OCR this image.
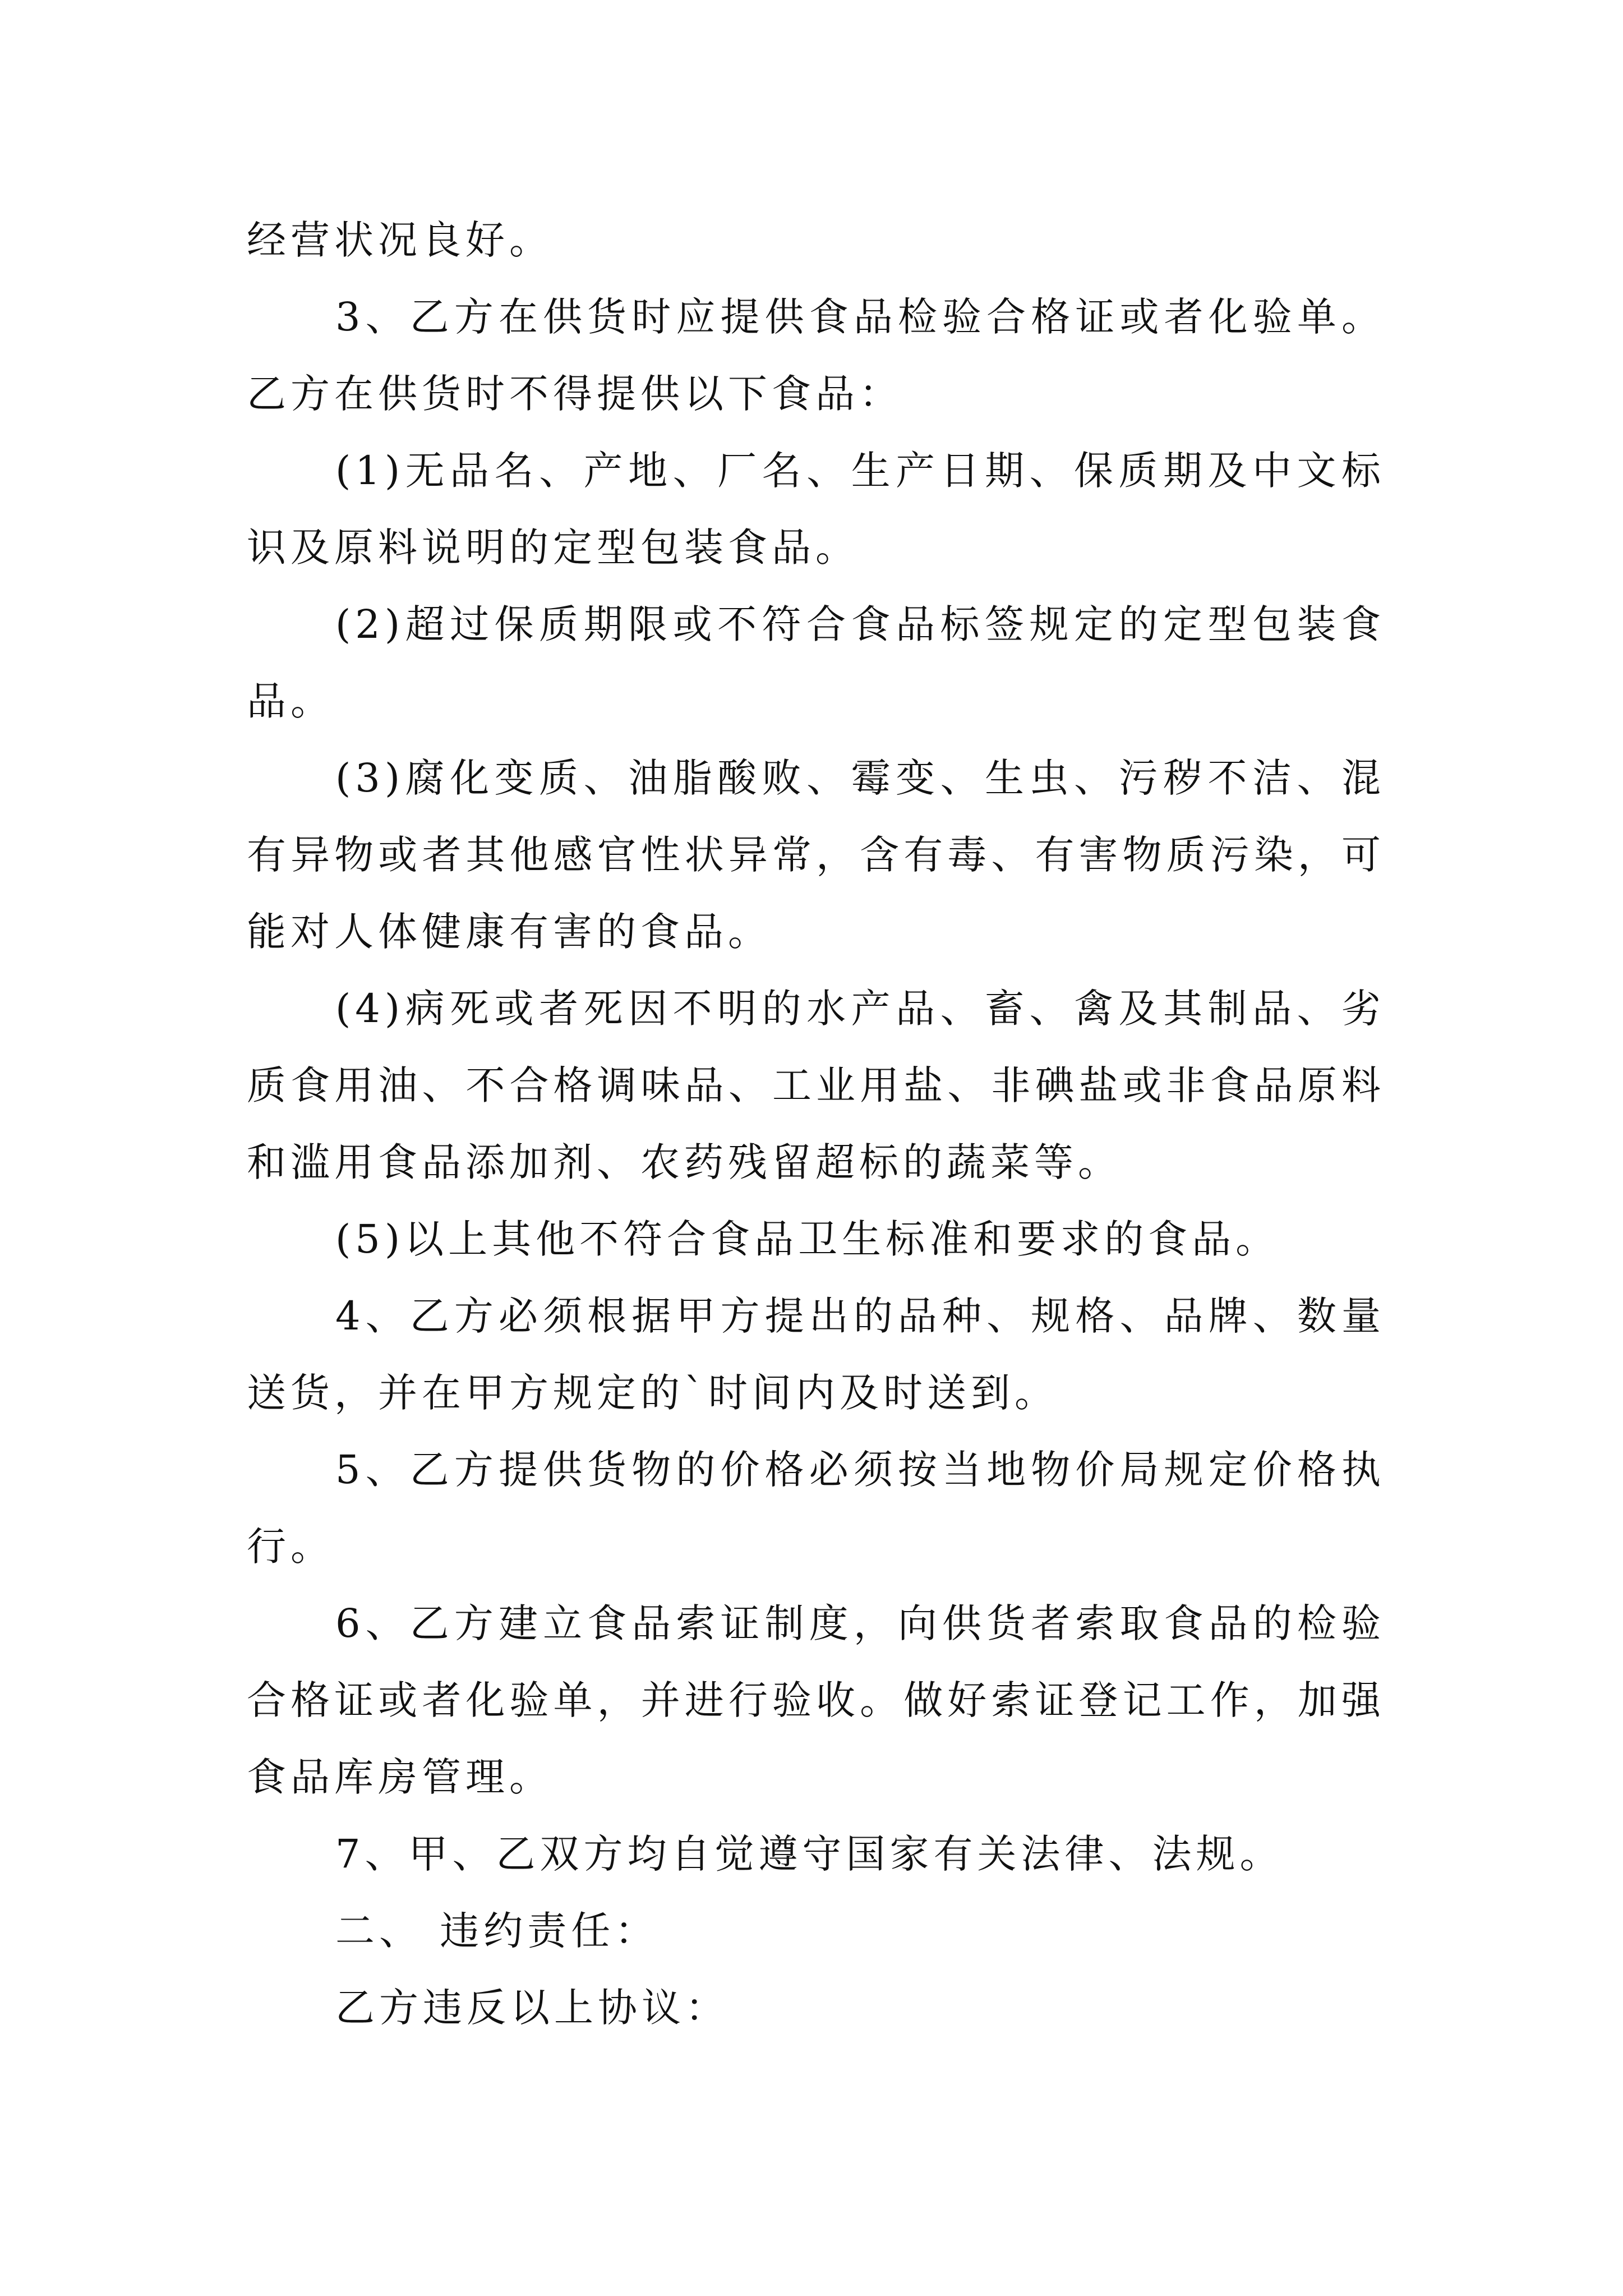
经营状况良好。

3、乙方在供货时应提供食品检验合格证或者化验单。乙方在供货时不得提供以下食品：

(1)无品名、产地、厂名、生产日期、保质期及中文标识及原料说明的定型包装食品。

(2)超过保质期限或不符合食品标签规定的定型包装食品。

(3)腐化变质、油脂酸败、霉变、生虫、污秽不洁、混有异物或者其他感官性状异常，含有毒、有害物质污染，可能对人体健康有害的食品。

(4)病死或者死因不明的水产品、畜、禽及其制品、劣质食用油、不合格调味品、工业用盐、非碘盐或非食品原料和滥用食品添加剂、农药残留超标的蔬菜等。

(5)以上其他不符合食品卫生标准和要求的食品。

4、乙方必须根据甲方提出的品种、规格、品牌、数量送货，并在甲方规定的`时间内及时送到。

5、乙方提供货物的价格必须按当地物价局规定价格执行。

6、乙方建立食品索证制度，向供货者索取食品的检验合格证或者化验单，并进行验收。做好索证登记工作，加强食品库房管理。

7、甲、乙双方均自觉遵守国家有关法律、法规。

二、 违约责任：

乙方违反以上协议：
